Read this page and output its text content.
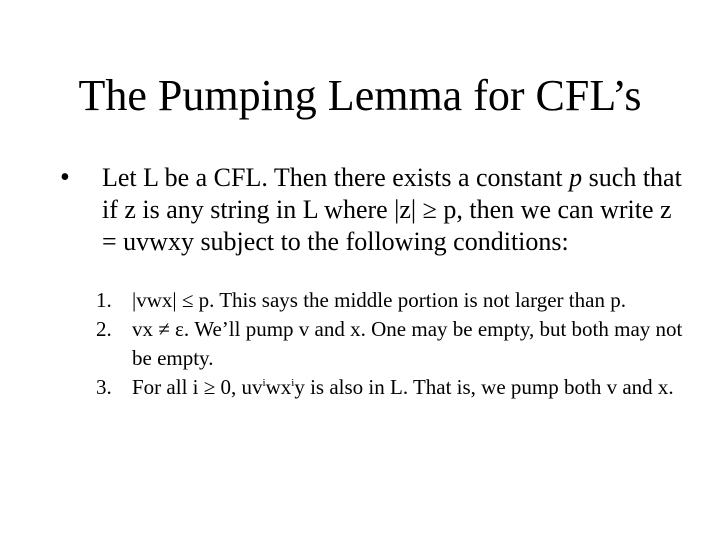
The Pumping Lemma for CFL’s
• Let L be a CFL. Then there exists a constant p such that if z is any string in L where |z| ≥ p, then we can write z = uvwxy subject to the following conditions:
1. |vwx| ≤ p. This says the middle portion is not larger than p.
2. vx ≠ ε. We’ll pump v and x. One may be empty, but both may not be empty.
3. For all i ≥ 0, $uv^iwx^iy$ is also in L. That is, we pump both v and x.
